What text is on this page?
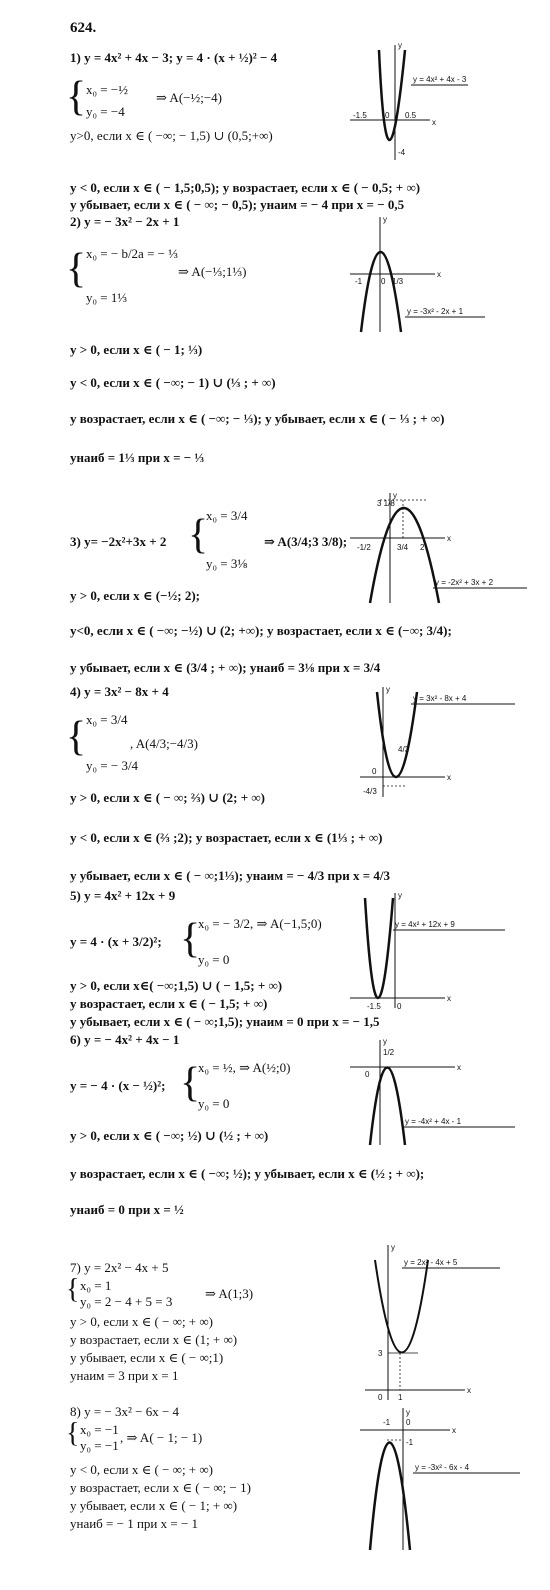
624.
1) y = 4x² + 4x − 3; y = 4 · (x + ½)² − 4
{ x₀ = −½
⇒ A(−½;−4)
y₀ = −4
y>0, если x ∈ ( −∞; − 1,5) ∪ (0,5;+∞)
y < 0, если x ∈ ( − 1,5;0,5); y возрастает, если x ∈ ( − 0,5; + ∞)
y убывает, если x ∈ ( − ∞; − 0,5); yнаим = − 4 при x = − 0,5
y = 4x² + 4x - 3
-1.5 0 0.5
-4
x
y
2) y = − 3x² − 2x + 1
{ x₀ = − b/2a = − ⅓
⇒ A(−⅓;1⅓)
y₀ = 1⅓
y > 0, если x ∈ ( − 1; ⅓)
y < 0, если x ∈ ( −∞; − 1) ∪ (⅓ ; + ∞)
y возрастает, если x ∈ ( −∞; − ⅓); y убывает, если x ∈ ( − ⅓ ; + ∞)
yнаиб = 1⅓ при x = − ⅓
y = -3x² - 2x + 1
-1 0 1/3
x
y
3) y= −2x²+3x + 2 {
x₀ = 3/4
⇒ A(3/4;3 3/8);
y₀ = 3⅛
y > 0, если x ∈ (−½; 2);
y<0, если x ∈ ( −∞; −½) ∪ (2; +∞); y возрастает, если x ∈ (−∞; 3/4);
y убывает, если x ∈ (3/4 ; + ∞); yнаиб = 3⅛ при x = 3/4
y = -2x² + 3x + 2
3 1/8
-1/2	3/4 2
x
y
4) y = 3x² − 8x + 4
{ x₀ = 3/4
, A(4/3;−4/3)
y₀ = − 3/4
y > 0, если x ∈ ( − ∞; ⅔) ∪ (2; + ∞)
y < 0, если x ∈ (⅔ ;2); y возрастает, если x ∈ (1⅓ ; + ∞)
y убывает, если x ∈ ( − ∞;1⅓); yнаим = − 4/3 при x = 4/3
y = 3x² - 8x + 4
4/3
0
-4/3
x
y
5) y = 4x² + 12x + 9
y = 4 · (x + 3/2)²; {
x₀ = − 3/2, ⇒ A(−1,5;0)
y₀ = 0
y > 0, если x∈( −∞;1,5) ∪ ( − 1,5; + ∞)
y возрастает, если x ∈ ( − 1,5; + ∞)
y убывает, если x ∈ ( − ∞;1,5); yнаим = 0 при x = − 1,5
y = 4x² + 12x + 9
-1.5 0
x
y
6) y = − 4x² + 4x − 1
y = − 4 · (x − ½)²; {
x₀ = ½, ⇒ A(½;0)
y₀ = 0
y > 0, если x ∈ ( −∞; ½) ∪ (½ ; + ∞)
y возрастает, если x ∈ ( −∞; ½); y убывает, если x ∈ (½ ; + ∞);
yнаиб = 0 при x = ½
y = -4x² + 4x - 1
1/2
0
x
y
7) y = 2x² − 4x + 5
{ x₀ = 1
y₀ = 2 − 4 + 5 = 3
⇒ A(1;3)
y > 0, если x ∈ ( − ∞; + ∞)
y возрастает, если x ∈ (1; + ∞)
y убывает, если x ∈ ( − ∞;1)
yнаим = 3 при x = 1
y = 2x² - 4x + 5
3
0 1
x
y
8) y = − 3x² − 6x − 4
{ x₀ = −1
y₀ = −1
, ⇒ A( − 1; − 1)
y < 0, если x ∈ ( − ∞; + ∞)
y возрастает, если x ∈ ( − ∞; − 1)
y убывает, если x ∈ ( − 1; + ∞)
yнаиб = − 1 при x = − 1
y = -3x² - 6x - 4
-1 0
-1
x
y
